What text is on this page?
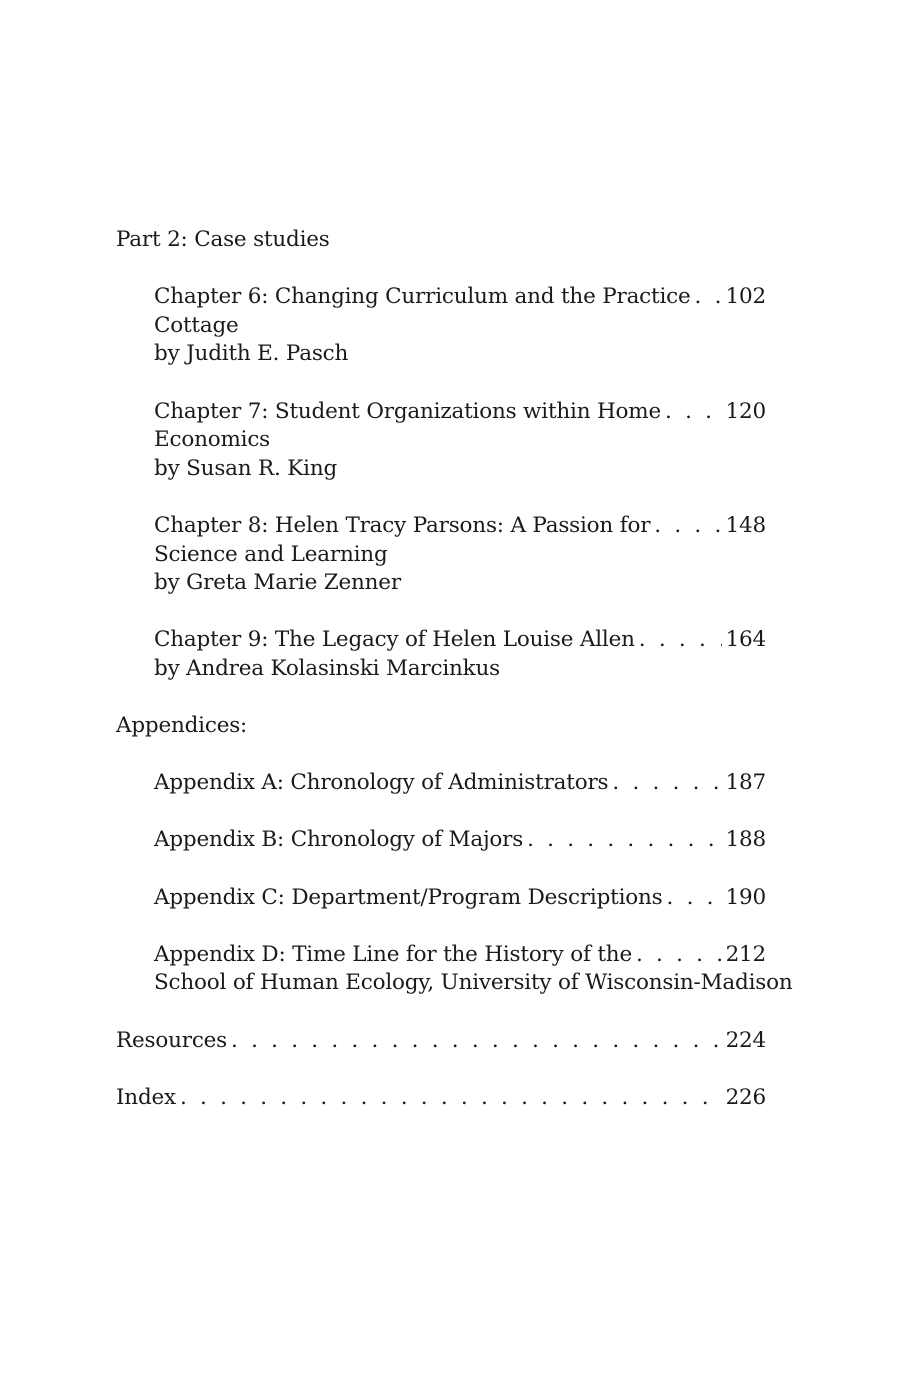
Part 2: Case studies
Chapter 6: Changing Curriculum and the Practice . . . 102
Cottage
by Judith E. Pasch
Chapter 7: Student Organizations within Home . . .	120
Economics
by Susan R. King
Chapter 8: Helen Tracy Parsons: A Passion for . . .	148
Science and Learning
by Greta Marie Zenner
Chapter 9: The Legacy of Helen Louise Allen . . .	164
by Andrea Kolasinski Marcinkus
Appendices:
Appendix A: Chronology of Administrators . . .	187
Appendix B: Chronology of Majors . . .	188
Appendix C: Department/Program Descriptions . . .	190
Appendix D: Time Line for the History of the . . .	212
School of Human Ecology, University of Wisconsin-Madison
Resources . . .	224
Index . . .	226
